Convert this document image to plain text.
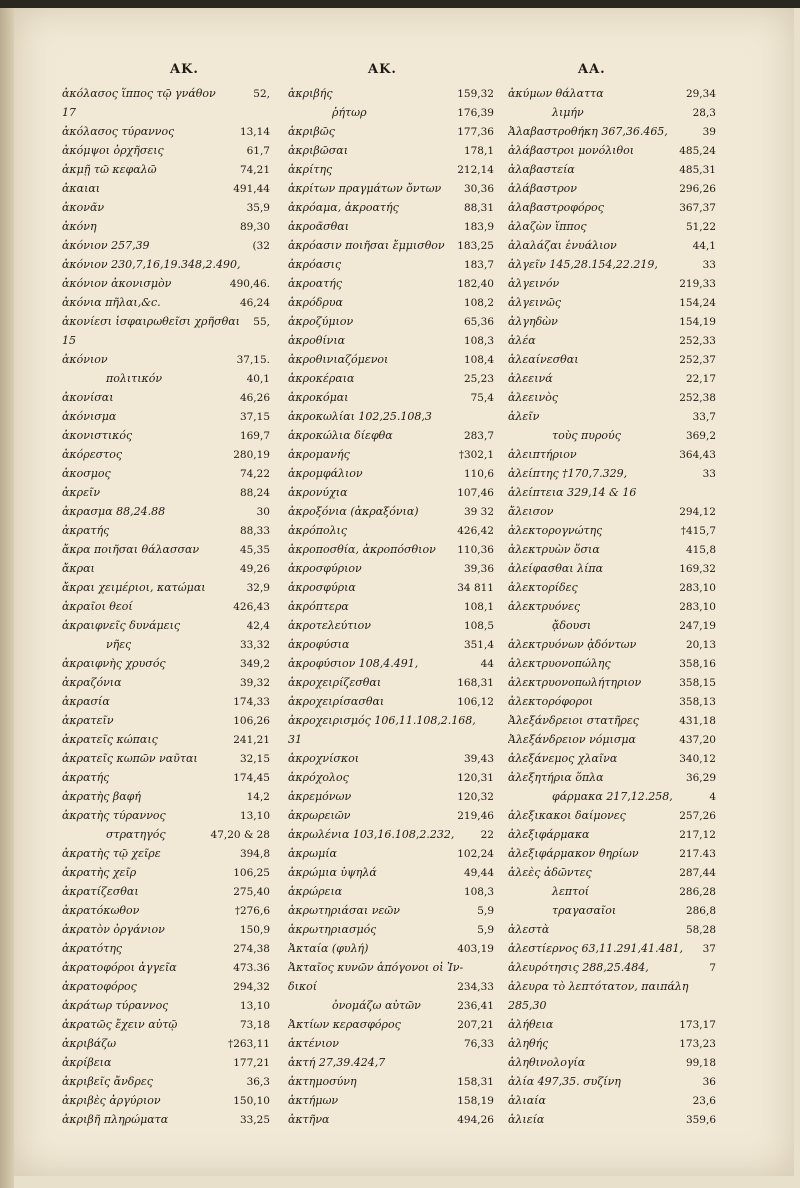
AK.	AK.	AA.
ἀκόλασος ἵππος τῷ γνάθον	52,
17
ἀκόλασος τύραννος	13,14
ἀκόμψοι ὀρχῆσεις	61,7
ἀκμῇ τῶ κεφαλῶ	74,21
ἀκαιαι	491,44
ἀκονᾶν	35,9
ἀκόνη	89,30
ἀκόνιον 257,39	(32
ἀκόνιον 230,7,16,19.348,2.490,
ἀκόνιον ἀκονισμὸν	490,46.
ἀκόνια πῆλαι,&c.	46,24
ἀκονίεσι ἰσφαιρωθεῖσι χρῆσθαι 55,
15
ἀκόνιον	37,15.
πολιτικόν	40,1
ἀκονίσαι	46,26
ἀκόνισμα	37,15
ἀκονιστικός	169,7
ἀκόρεστος	280,19
ἀκοσμος	74,22
ἀκρεῖν	88,24
ἀκρασμα 88,24.88	30
ἀκρατής	88,33
ἄκρα ποιῆσαι θάλασσαν	45,35
ἄκραι	49,26
ἄκραι χειμέριοι, κατώμαι	32,9
ἀκραῖοι θεοί	426,43
ἀκραιφνεῖς δυνάμεις	42,4
νῆες	33,32
ἀκραιφνὴς χρυσός	349,2
ἀκραζόνια	39,32
ἀκρασία	174,33
ἀκρατεῖν	106,26
ἀκρατεῖς κώπαις	241,21
ἀκρατεῖς κωπῶν ναῦται	32,15
ἀκρατής	174,45
ἀκρατὴς βαφή	14,2
ἀκρατὴς τύραννος	13,10
στρατηγός	47,20 & 28
ἀκρατὴς τῷ χεῖρε	394,8
ἀκρατὴς χεῖρ	106,25
ἀκρατίζεσθαι	275,40
ἀκρατόκωθον	†276,6
ἀκρατὸν ὀργάνιον	150,9
ἀκρατότης	274,38
ἀκρατοφόροι ἀγγεῖα	473.36
ἀκρατοφόρος	294,32
ἀκράτωρ τύραννος	13,10
ἀκρατῶς ἔχειν αὐτῷ	73,18
ἀκριβάζω	†263,11
ἀκρίβεια	177,21
ἀκριβεῖς ἄνδρες	36,3
ἀκριβὲς ἀργύριον	150,10
ἀκριβῆ πληρώματα	33,25
ἀκριβής	159,32
ῥήτωρ	176,39
ἀκριβῶς	177,36
ἀκριβῶσαι	178,1
ἀκρίτης	212,14
ἀκρίτων πραγμάτων ὄντων 30,36
ἀκρόαμα, ἀκροατής	88,31
ἀκροᾶσθαι	183,9
ἀκρόασιν ποιῆσαι ἔμμισθον 183,25
ἀκρόασις	183,7
ἀκροατής	182,40
ἀκρόδρυα	108,2
ἀκροζύμιον	65,36
ἀκροθίνια	108,3
ἀκροθινιαζόμενοι	108,4
ἀκροκέραια	25,23
ἀκροκόμαι	75,4
ἀκροκωλίαι 102,25.108,3
ἀκροκώλια δίεφθα	283,7
ἀκρομανής	†302,1
ἀκρομφάλιον	110,6
ἀκρονύχια	107,46
ἀκροξόνια (ἀκραξόνια)	39 32
ἀκρόπολις	426,42
ἀκροποσθία, ἀκροπόσθιον 110,36
ἀκροσφύριον	39,36
ἀκροσφύρια	34 811
ἀκρόπτερα	108,1
ἀκροτελεύτιον	108,5
ἀκροφύσια	351,4
ἀκροφύσιον 108,4.491,	44
ἀκροχειρίζεσθαι	168,31
ἀκροχειρίσασθαι	106,12
ἀκροχειρισμός 106,11.108,2.168,
31
ἀκροχνίσκοι	39,43
ἀκρόχολος	120,31
ἀκρεμόνων	120,32
ἀκρωρειῶν	219,46
ἀκρωλένια 103,16.108,2.232,	22
ἀκρωμία	102,24
ἀκρώμια ὑψηλά	49,44
ἀκρώρεια	108,3
ἀκρωτηριάσαι νεῶν	5,9
ἀκρωτηριασμός	5,9
Ἀκταία (φυλή)	403,19
Ἀκταῖος κυνῶν ἀπόγονοι οἱ Ἰν-
δικοί	234,33
ὀνομάζω αὐτῶν	236,41
Ἀκτίων κερασφόρος	207,21
ἀκτένιον	76,33
ἀκτή 27,39.424,7
ἀκτημοσύνη	158,31
ἀκτήμων	158,19
ἀκτῆνα	494,26
ἀκύμων θάλαττα	29,34
λιμήν	28,3
Ἀλαβαστροθήκη 367,36.465,	39
ἀλάβαστροι μονόλιθοι	485,24
ἀλαβαστεία	485,31
ἀλάβαστρον	296,26
ἀλαβαστροφόρος	367,37
ἀλαζὼν ἵππος	51,22
ἀλαλάζαι ἐνυάλιον	44,1
ἀλγεῖν 145,28.154,22.219,	33
ἀλγεινόν	219,33
ἀλγεινῶς	154,24
ἀλγηδὼν	154,19
ἀλέα	252,33
ἀλεαίνεσθαι	252,37
ἀλεεινά	22,17
ἀλεεινὸς	252,38
ἀλεῖν	33,7
τοὺς πυρούς	369,2
ἀλειπτήριον	364,43
ἀλείπτης †170,7.329,	33
ἀλείπτεια 329,14 & 16
ἄλεισον	294,12
ἀλεκτορογνώτης	†415,7
ἀλεκτρυὼν ὅσια	415,8
ἀλείφασθαι λίπα	169,32
ἀλεκτορίδες	283,10
ἀλεκτρυόνες	283,10
ᾄδουσι	247,19
ἀλεκτρυόνων ᾀδόντων	20,13
ἀλεκτρυονοπώλης	358,16
ἀλεκτρυονοπωλήτηριον	358,15
ἀλεκτορόφοροι	358,13
Ἀλεξάνδρειοι στατῆρες	431,18
Ἀλεξάνδρειον νόμισμα	437,20
ἀλεξάνεμος χλαῖνα	340,12
ἀλεξητήρια ὅπλα	36,29
φάρμακα 217,12.258,	4
ἀλεξικακοι δαίμονες	257,26
ἀλεξιφάρμακα	217,12
ἀλεξιφάρμακον θηρίων	217.43
ἀλεὲς ἀδῶντες	287,44
λεπτοί	286,28
τραγασαῖοι	286,8
ἀλεστὰ	58,28
ἀλεστίερνος 63,11.291,41.481, 37
ἀλευρότησις 288,25.484,	7
ἀλευρα τὸ λεπτότατον, παιπάλη
285,30
ἀλήθεια	173,17
ἀληθής	173,23
ἀληθινολογία	99,18
ἀλία 497,35. συζίνη	36
ἀλιαία	23,6
ἀλιεία	359,6
